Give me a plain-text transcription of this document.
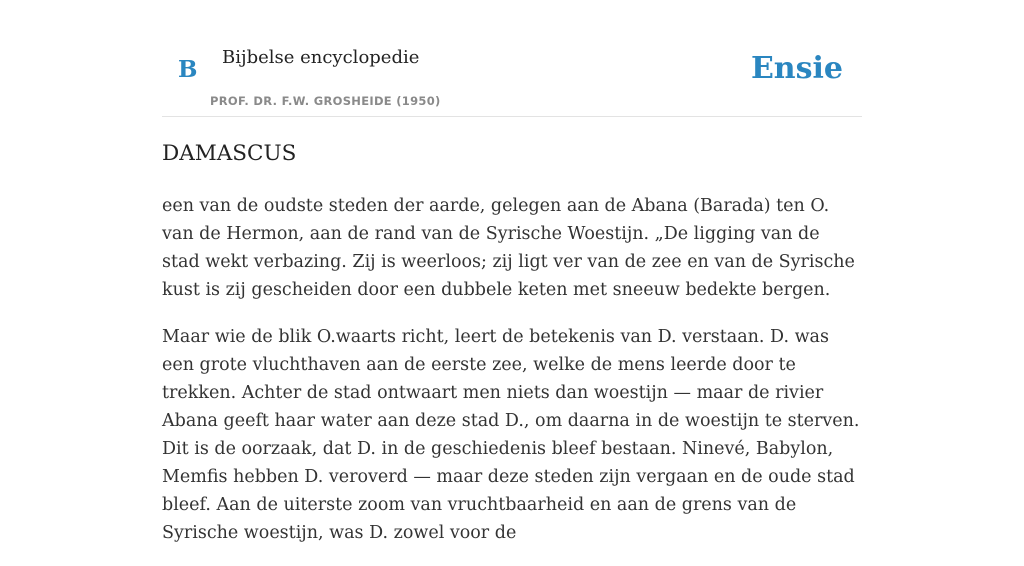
B Bijbelse encyclopedie
PROF. DR. F.W. GROSHEIDE (1950)
Ensie
DAMASCUS

een van de oudste steden der aarde, gelegen aan de Abana (Barada) ten O. van de Hermon, aan de rand van de Syrische Woestijn. „De ligging van de stad wekt verbazing. Zij is weerloos; zij ligt ver van de zee en van de Syrische kust is zij gescheiden door een dubbele keten met sneeuw bedekte bergen.

Maar wie de blik O.waarts richt, leert de betekenis van D. verstaan. D. was een grote vluchthaven aan de eerste zee, welke de mens leerde door te trekken. Achter de stad ontwaart men niets dan woestijn — maar de rivier Abana geeft haar water aan deze stad D., om daarna in de woestijn te sterven. Dit is de oorzaak, dat D. in de geschiedenis bleef bestaan. Ninevé, Babylon, Memfis hebben D. veroverd — maar deze steden zijn vergaan en de oude stad bleef. Aan de uiterste zoom van vruchtbaarheid en aan de grens van de Syrische woestijn, was D. zowel voor de
